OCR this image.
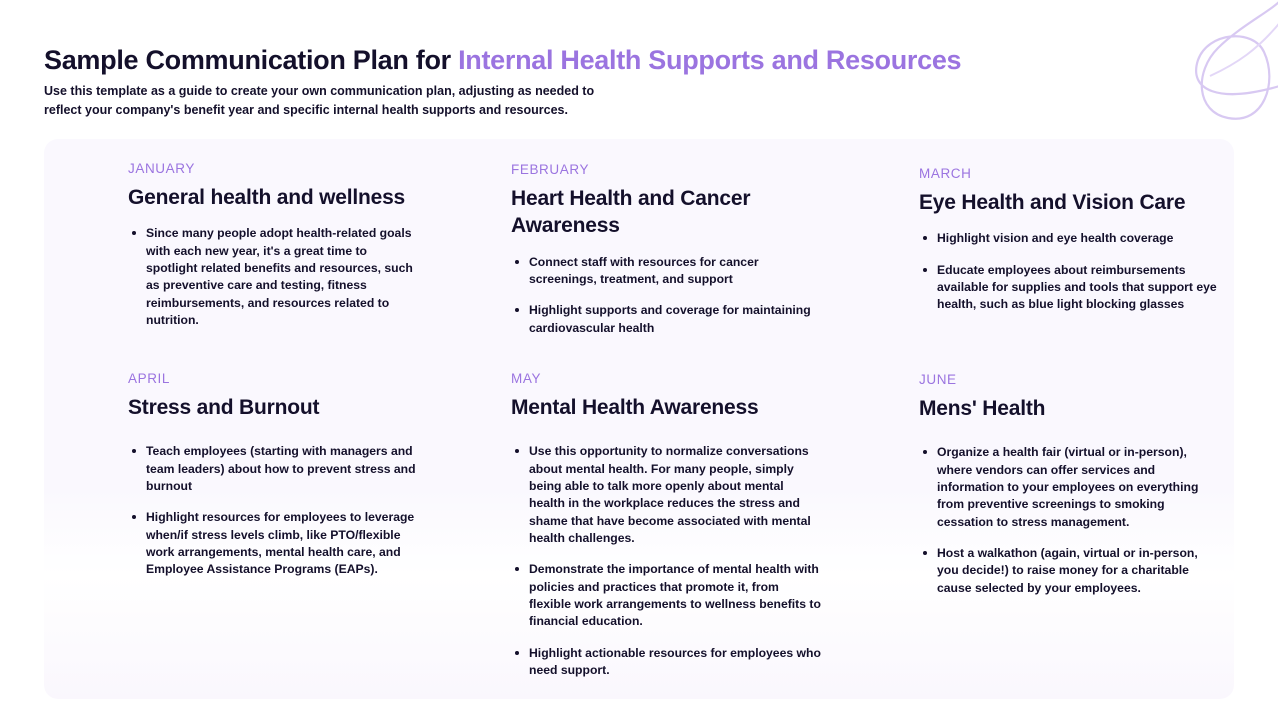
Sample Communication Plan for Internal Health Supports and Resources

Use this template as a guide to create your own communication plan, adjusting as needed to reflect your company's benefit year and specific internal health supports and resources.

JANUARY
General health and wellness
Since many people adopt health-related goals with each new year, it's a great time to spotlight related benefits and resources, such as preventive care and testing, fitness reimbursements, and resources related to nutrition.
FEBRUARY
Heart Health and Cancer Awareness
Connect staff with resources for cancer screenings, treatment, and support
Highlight supports and coverage for maintaining cardiovascular health
MARCH
Eye Health and Vision Care
Highlight vision and eye health coverage
Educate employees about reimbursements available for supplies and tools that support eye health, such as blue light blocking glasses
APRIL
Stress and Burnout
Teach employees (starting with managers and team leaders) about how to prevent stress and burnout
Highlight resources for employees to leverage when/if stress levels climb, like PTO/flexible work arrangements, mental health care, and Employee Assistance Programs (EAPs).
MAY
Mental Health Awareness
Use this opportunity to normalize conversations about mental health. For many people, simply being able to talk more openly about mental health in the workplace reduces the stress and shame that have become associated with mental health challenges.
Demonstrate the importance of mental health with policies and practices that promote it, from flexible work arrangements to wellness benefits to financial education.
Highlight actionable resources for employees who need support.
JUNE
Mens' Health
Organize a health fair (virtual or in-person), where vendors can offer services and information to your employees on everything from preventive screenings to smoking cessation to stress management.
Host a walkathon (again, virtual or in-person, you decide!) to raise money for a charitable cause selected by your employees.
